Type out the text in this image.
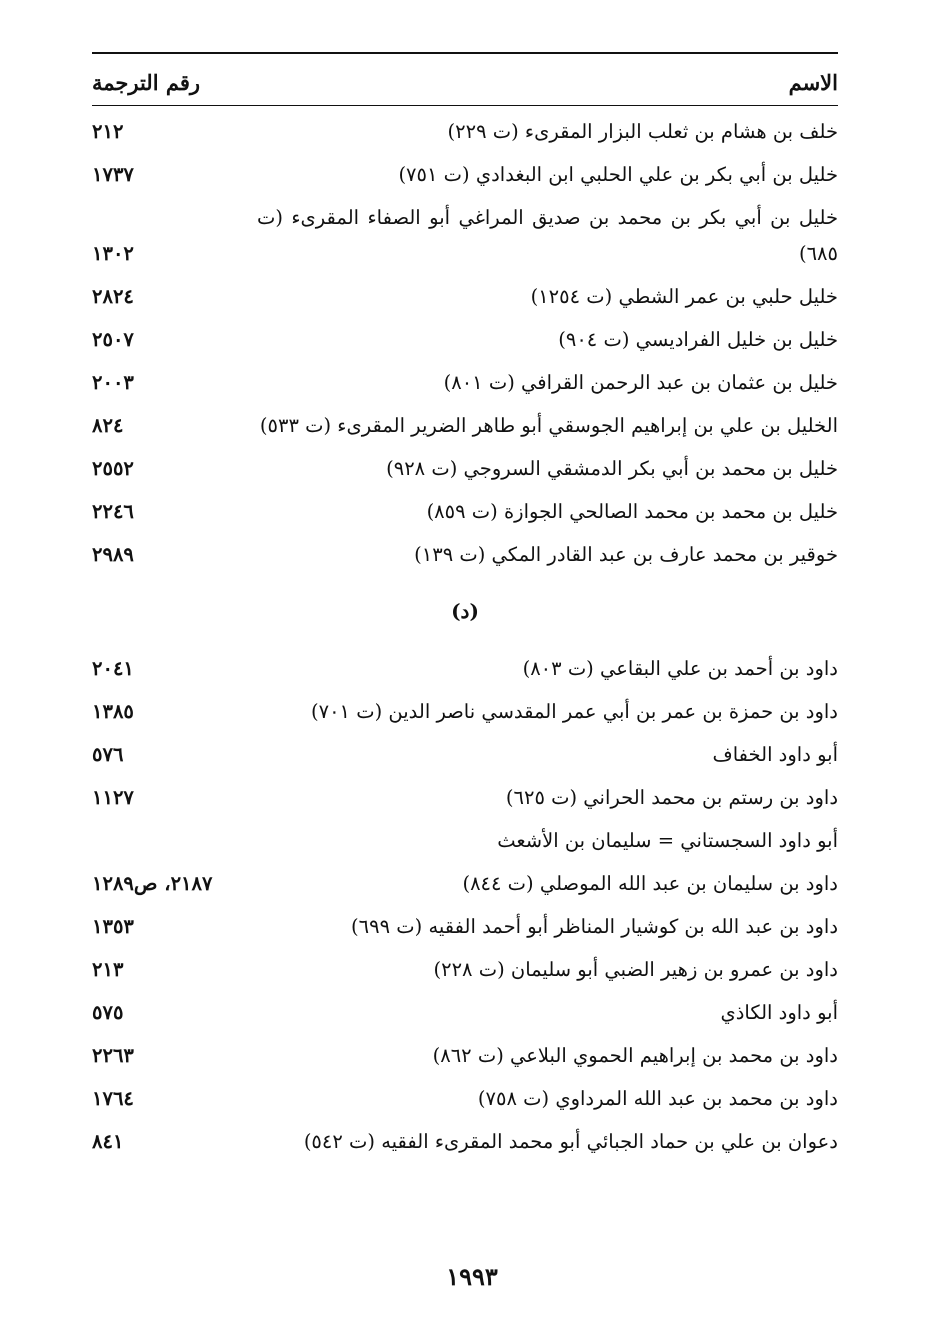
الاسم
رقم الترجمة
خلف بن هشام بن ثعلب البزار المقرىء (ت ٢٢٩)
٢١٢
خليل بن أبي بكر بن علي الحلبي ابن البغدادي (ت ٧٥١)
١٧٣٧
خليل بن أبي بكر بن محمد بن صديق المراغي أبو الصفاء المقرىء (ت ٦٨٥)
١٣٠٢
خليل حلبي بن عمر الشطي (ت ١٢٥٤)
٢٨٢٤
خليل بن خليل الفراديسي (ت ٩٠٤)
٢٥٠٧
خليل بن عثمان بن عبد الرحمن القرافي (ت ٨٠١)
٢٠٠٣
الخليل بن علي بن إبراهيم الجوسقي أبو طاهر الضرير المقرىء (ت ٥٣٣)
٨٢٤
خليل بن محمد بن أبي بكر الدمشقي السروجي (ت ٩٢٨)
٢٥٥٢
خليل بن محمد بن محمد الصالحي الجوازة (ت ٨٥٩)
٢٢٤٦
خوقير بن محمد عارف بن عبد القادر المكي (ت ١٣٩)
٢٩٨٩
(د)
داود بن أحمد بن علي البقاعي (ت ٨٠٣)
٢٠٤١
داود بن حمزة بن عمر بن أبي عمر المقدسي ناصر الدين (ت ٧٠١)
١٣٨٥
أبو داود الخفاف
٥٧٦
داود بن رستم بن محمد الحراني (ت ٦٢٥)
١١٢٧
أبو داود السجستاني = سليمان بن الأشعث
داود بن سليمان بن عبد الله الموصلي (ت ٨٤٤)
٢١٨٧، ص١٢٨٩
داود بن عبد الله بن كوشيار المناظر أبو أحمد الفقيه (ت ٦٩٩)
١٣٥٣
داود بن عمرو بن زهير الضبي أبو سليمان (ت ٢٢٨)
٢١٣
أبو داود الكاذي
٥٧٥
داود بن محمد بن إبراهيم الحموي البلاعي (ت ٨٦٢)
٢٢٦٣
داود بن محمد بن عبد الله المرداوي (ت ٧٥٨)
١٧٦٤
دعوان بن علي بن حماد الجبائي أبو محمد المقرىء الفقيه (ت ٥٤٢)
٨٤١
١٩٩٣
